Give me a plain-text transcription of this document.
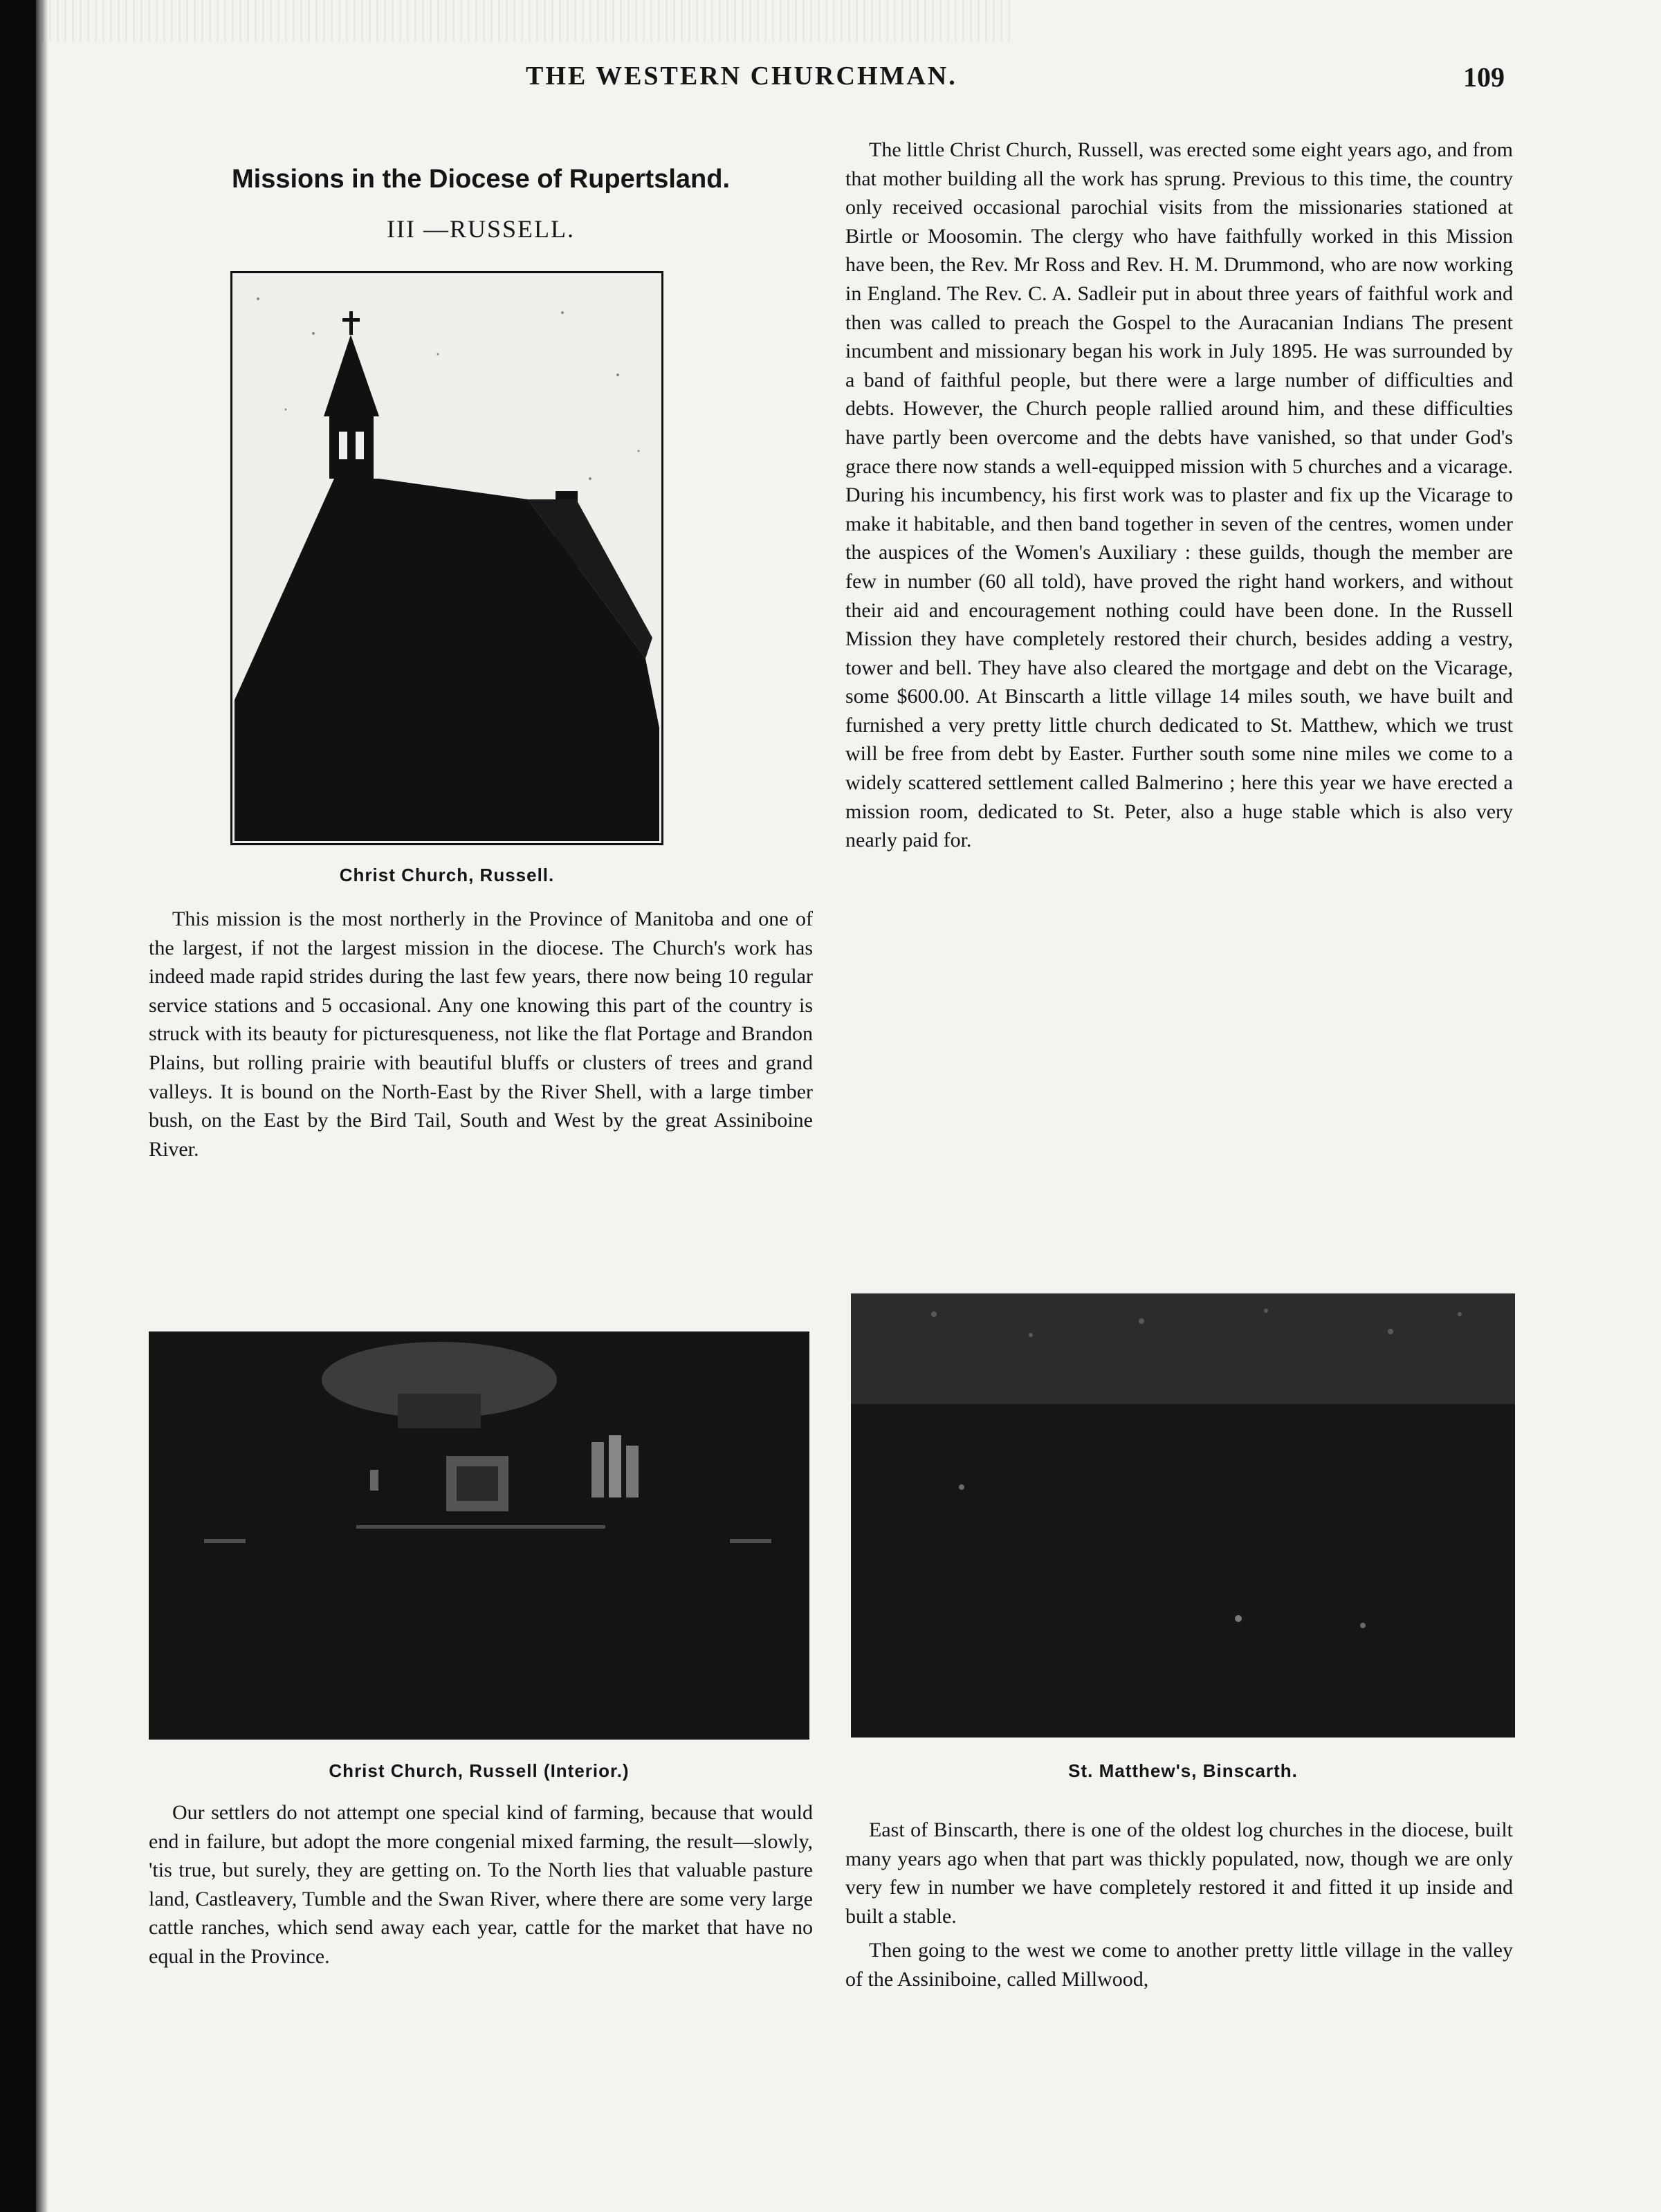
THE WESTERN CHURCHMAN.	109
Missions in the Diocese of Rupertsland.
III —RUSSELL.
Christ Church, Russell.

This mission is the most northerly in the Province of Manitoba and one of the largest, if not the largest mission in the diocese. The Church's work has indeed made rapid strides during the last few years, there now being 10 regular service stations and 5 occasional. Any one knowing this part of the country is struck with its beauty for picturesqueness, not like the flat Portage and Brandon Plains, but rolling prairie with beautiful bluffs or clusters of trees and grand valleys. It is bound on the North-East by the River Shell, with a large timber bush, on the East by the Bird Tail, South and West by the great Assiniboine River.

Christ Church, Russell (Interior.)

Our settlers do not attempt one special kind of farming, because that would end in failure, but adopt the more congenial mixed farming, the result—slowly, 'tis true, but surely, they are getting on. To the North lies that valuable pasture land, Castleavery, Tumble and the Swan River, where there are some very large cattle ranches, which send away each year, cattle for the market that have no equal in the Province.

The little Christ Church, Russell, was erected some eight years ago, and from that mother building all the work has sprung. Previous to this time, the country only received occasional parochial visits from the missionaries stationed at Birtle or Moosomin. The clergy who have faithfully worked in this Mission have been, the Rev. Mr Ross and Rev. H. M. Drummond, who are now working in England. The Rev. C. A. Sadleir put in about three years of faithful work and then was called to preach the Gospel to the Auracanian Indians The present incumbent and missionary began his work in July 1895. He was surrounded by a band of faithful people, but there were a large number of difficulties and debts. However, the Church people rallied around him, and these difficulties have partly been overcome and the debts have vanished, so that under God's grace there now stands a well-equipped mission with 5 churches and a vicarage. During his incumbency, his first work was to plaster and fix up the Vicarage to make it habitable, and then band together in seven of the centres, women under the auspices of the Women's Auxiliary : these guilds, though the member are few in number (60 all told), have proved the right hand workers, and without their aid and encouragement nothing could have been done. In the Russell Mission they have completely restored their church, besides adding a vestry, tower and bell. They have also cleared the mortgage and debt on the Vicarage, some $600.00. At Binscarth a little village 14 miles south, we have built and furnished a very pretty little church dedicated to St. Matthew, which we trust will be free from debt by Easter. Further south some nine miles we come to a widely scattered settlement called Balmerino ; here this year we have erected a mission room, dedicated to St. Peter, also a huge stable which is also very nearly paid for.

St. Matthew's, Binscarth.

East of Binscarth, there is one of the oldest log churches in the diocese, built many years ago when that part was thickly populated, now, though we are only very few in number we have completely restored it and fitted it up inside and built a stable.

Then going to the west we come to another pretty little village in the valley of the Assiniboine, called Millwood,
